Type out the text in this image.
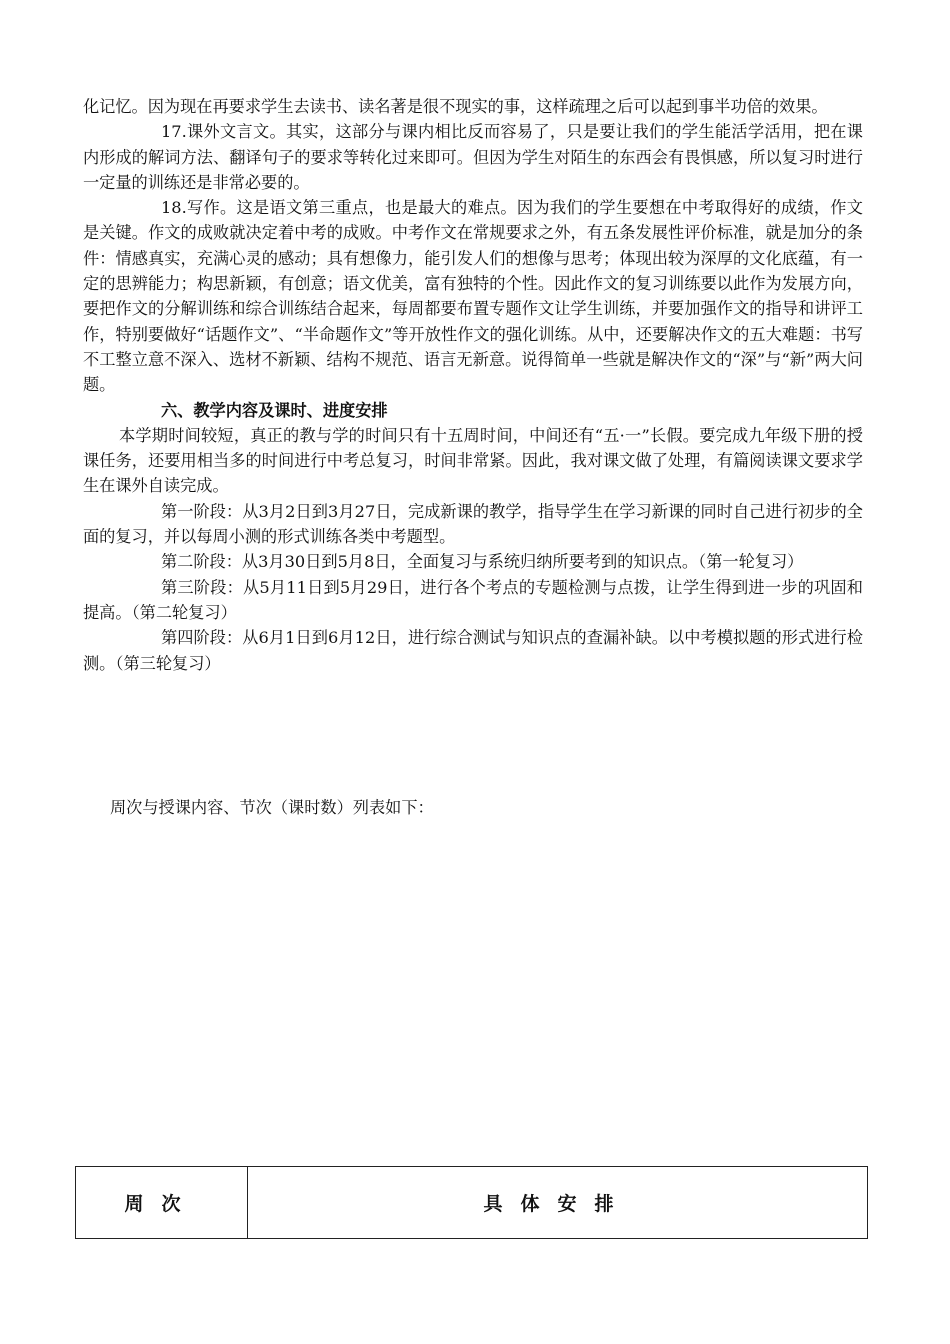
化记忆。因为现在再要求学生去读书、读名著是很不现实的事，这样疏理之后可以起到事半功倍的效果。

17.课外文言文。其实，这部分与课内相比反而容易了，只是要让我们的学生能活学活用，把在课内形成的解词方法、翻译句子的要求等转化过来即可。但因为学生对陌生的东西会有畏惧感，所以复习时进行一定量的训练还是非常必要的。

18.写作。这是语文第三重点，也是最大的难点。因为我们的学生要想在中考取得好的成绩，作文是关键。作文的成败就决定着中考的成败。中考作文在常规要求之外，有五条发展性评价标准，就是加分的条件：情感真实，充满心灵的感动；具有想像力，能引发人们的想像与思考；体现出较为深厚的文化底蕴，有一定的思辨能力；构思新颖，有创意；语文优美，富有独特的个性。因此作文的复习训练要以此作为发展方向，要把作文的分解训练和综合训练结合起来，每周都要布置专题作文让学生训练，并要加强作文的指导和讲评工作，特别要做好“话题作文”、“半命题作文”等开放性作文的强化训练。从中，还要解决作文的五大难题：书写不工整立意不深入、选材不新颖、结构不规范、语言无新意。说得简单一些就是解决作文的“深”与“新”两大问题。

六、教学内容及课时、进度安排

本学期时间较短，真正的教与学的时间只有十五周时间，中间还有“五·一”长假。要完成九年级下册的授课任务，还要用相当多的时间进行中考总复习，时间非常紧。因此，我对课文做了处理，有篇阅读课文要求学生在课外自读完成。

第一阶段：从3月2日到3月27日，完成新课的教学，指导学生在学习新课的同时自己进行初步的全面的复习，并以每周小测的形式训练各类中考题型。

第二阶段：从3月30日到5月8日，全面复习与系统归纳所要考到的知识点。（第一轮复习）

第三阶段：从5月11日到5月29日，进行各个考点的专题检测与点拨，让学生得到进一步的巩固和提高。（第二轮复习）

第四阶段：从6月1日到6月12日，进行综合测试与知识点的查漏补缺。以中考模拟题的形式进行检测。（第三轮复习）

周次与授课内容、节次（课时数）列表如下：
周次	具体安排
